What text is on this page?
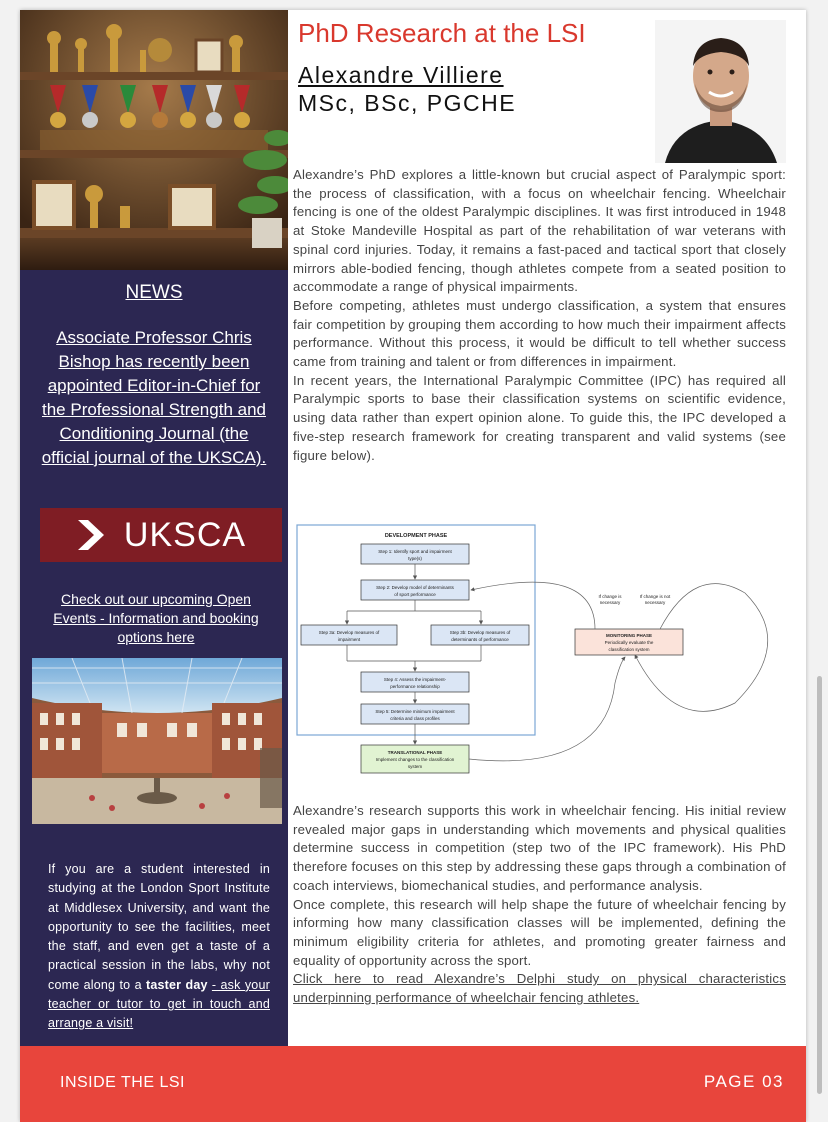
NEWS
Associate Professor Chris Bishop has recently been appointed Editor-in-Chief for the Professional Strength and Conditioning Journal (the official journal of the UKSCA).
UKSCA
Check out our upcoming Open Events - Information and booking options here
If you are a student interested in studying at the London Sport Institute at Middlesex University, and want the opportunity to see the facilities, meet the staff, and even get a taste of a practical session in the labs, why not come along to a taster day - ask your teacher or tutor to get in touch and arrange a visit!
PhD Research at the LSI
Alexandre Villiere
MSc, BSc, PGCHE

Alexandre’s PhD explores a little-known but crucial aspect of Paralympic sport: the process of classification, with a focus on wheelchair fencing. Wheelchair fencing is one of the oldest Paralympic disciplines. It was first introduced in 1948 at Stoke Mandeville Hospital as part of the rehabilitation of war veterans with spinal cord injuries. Today, it remains a fast-paced and tactical sport that closely mirrors able-bodied fencing, though athletes compete from a seated position to accommodate a range of physical impairments.

Before competing, athletes must undergo classification, a system that ensures fair competition by grouping them according to how much their impairment affects performance. Without this process, it would be difficult to tell whether success came from training and talent or from differences in impairment.

In recent years, the International Paralympic Committee (IPC) has required all Paralympic sports to base their classification systems on scientific evidence, using data rather than expert opinion alone. To guide this, the IPC developed a five-step research framework for creating transparent and valid systems (see figure below).

DEVELOPMENT PHASE
Step 1: Identify sport and impairment
type(s)
Step 2: Develop model of determinants
of sport performance
Step 3a: Develop measures of
impairment
Step 3b: Develop measures of
determinants of performance
Step 4: Assess the impairment-
performance relationship
Step 5: Determine minimum impairment
criteria and class profiles
TRANSLATIONAL PHASE
Implement changes to the classification
system
MONITORING PHASE
Periodically evaluate the
classification system
If change is
necessary
If change is not
necessary

Alexandre’s research supports this work in wheelchair fencing. His initial review revealed major gaps in understanding which movements and physical qualities determine success in competition (step two of the IPC framework). His PhD therefore focuses on this step by addressing these gaps through a combination of coach interviews, biomechanical studies, and performance analysis.

Once complete, this research will help shape the future of wheelchair fencing by informing how many classification classes will be implemented, defining the minimum eligibility criteria for athletes, and promoting greater fairness and equality of opportunity across the sport.

Click here to read Alexandre’s Delphi study on physical characteristics underpinning performance of wheelchair fencing athletes.

INSIDE THE LSI	PAGE 03
